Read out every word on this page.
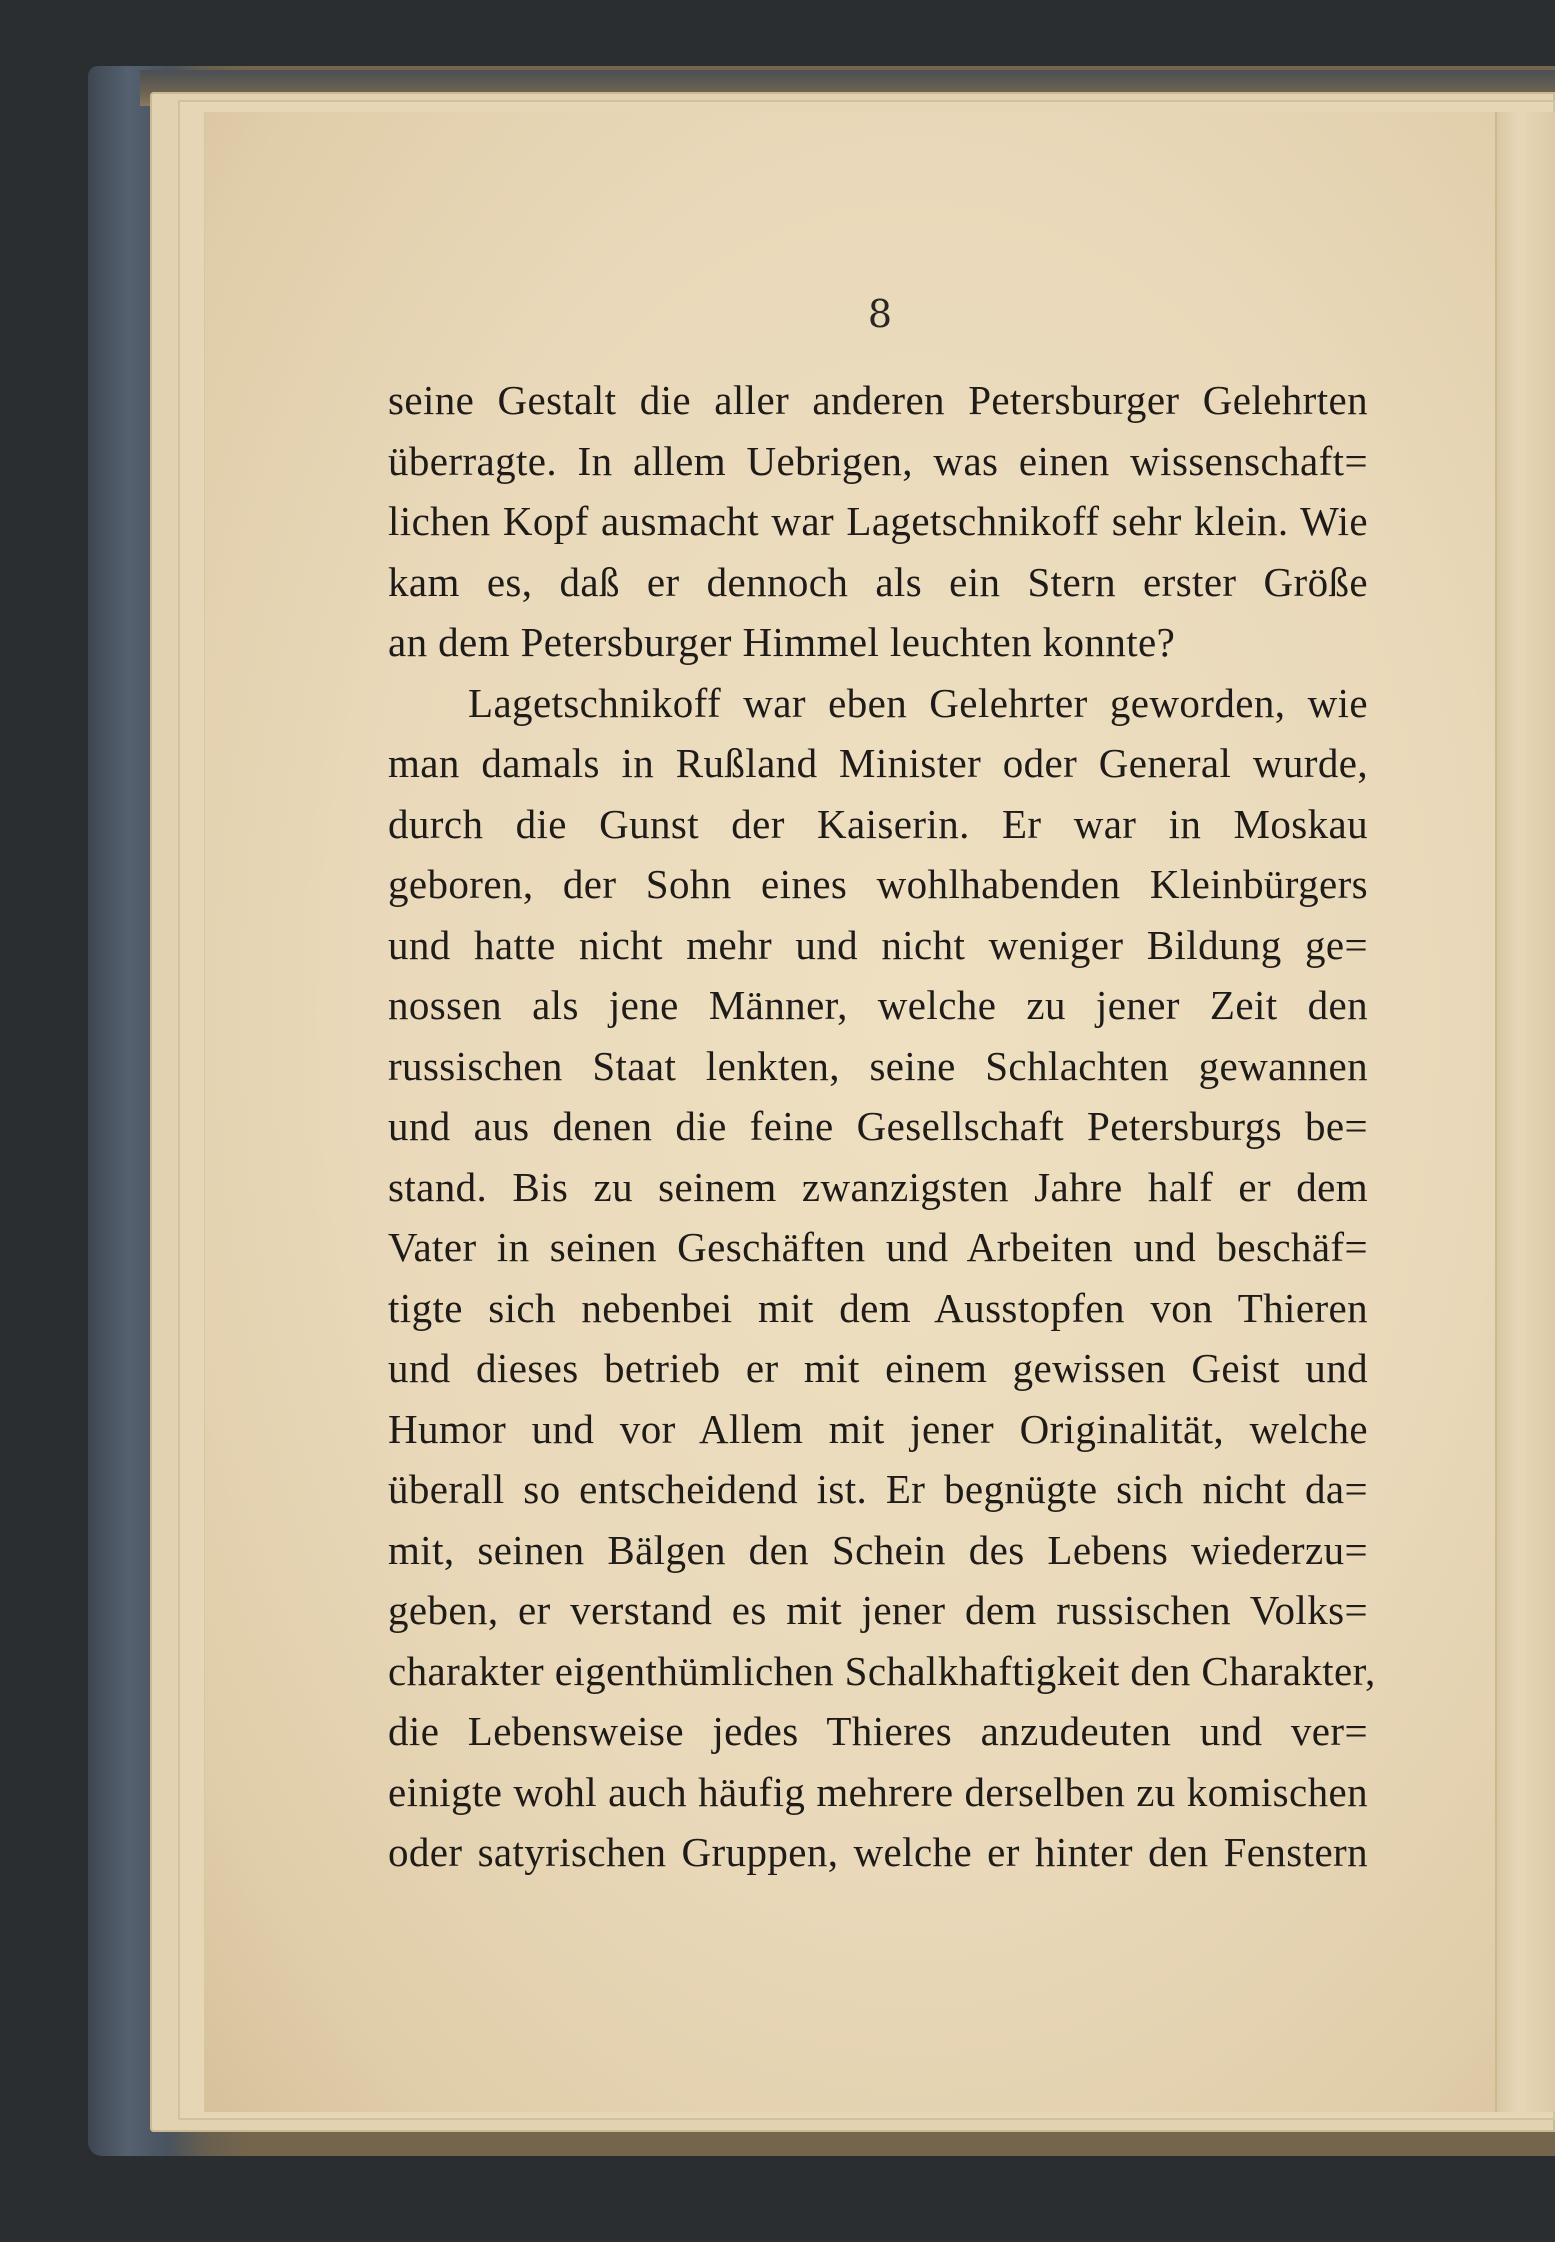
8
seine Gestalt die aller anderen Petersburger Gelehrten
überragte. In allem Uebrigen, was einen wissenschaft=
lichen Kopf ausmacht war Lagetschnikoff sehr klein. Wie
kam es, daß er dennoch als ein Stern erster Größe
an dem Petersburger Himmel leuchten konnte?
Lagetschnikoff war eben Gelehrter geworden, wie
man damals in Rußland Minister oder General wurde,
durch die Gunst der Kaiserin. Er war in Moskau
geboren, der Sohn eines wohlhabenden Kleinbürgers
und hatte nicht mehr und nicht weniger Bildung ge=
nossen als jene Männer, welche zu jener Zeit den
russischen Staat lenkten, seine Schlachten gewannen
und aus denen die feine Gesellschaft Petersburgs be=
stand. Bis zu seinem zwanzigsten Jahre half er dem
Vater in seinen Geschäften und Arbeiten und beschäf=
tigte sich nebenbei mit dem Ausstopfen von Thieren
und dieses betrieb er mit einem gewissen Geist und
Humor und vor Allem mit jener Originalität, welche
überall so entscheidend ist. Er begnügte sich nicht da=
mit, seinen Bälgen den Schein des Lebens wiederzu=
geben, er verstand es mit jener dem russischen Volks=
charakter eigenthümlichen Schalkhaftigkeit den Charakter,
die Lebensweise jedes Thieres anzudeuten und ver=
einigte wohl auch häufig mehrere derselben zu komischen
oder satyrischen Gruppen, welche er hinter den Fenstern
